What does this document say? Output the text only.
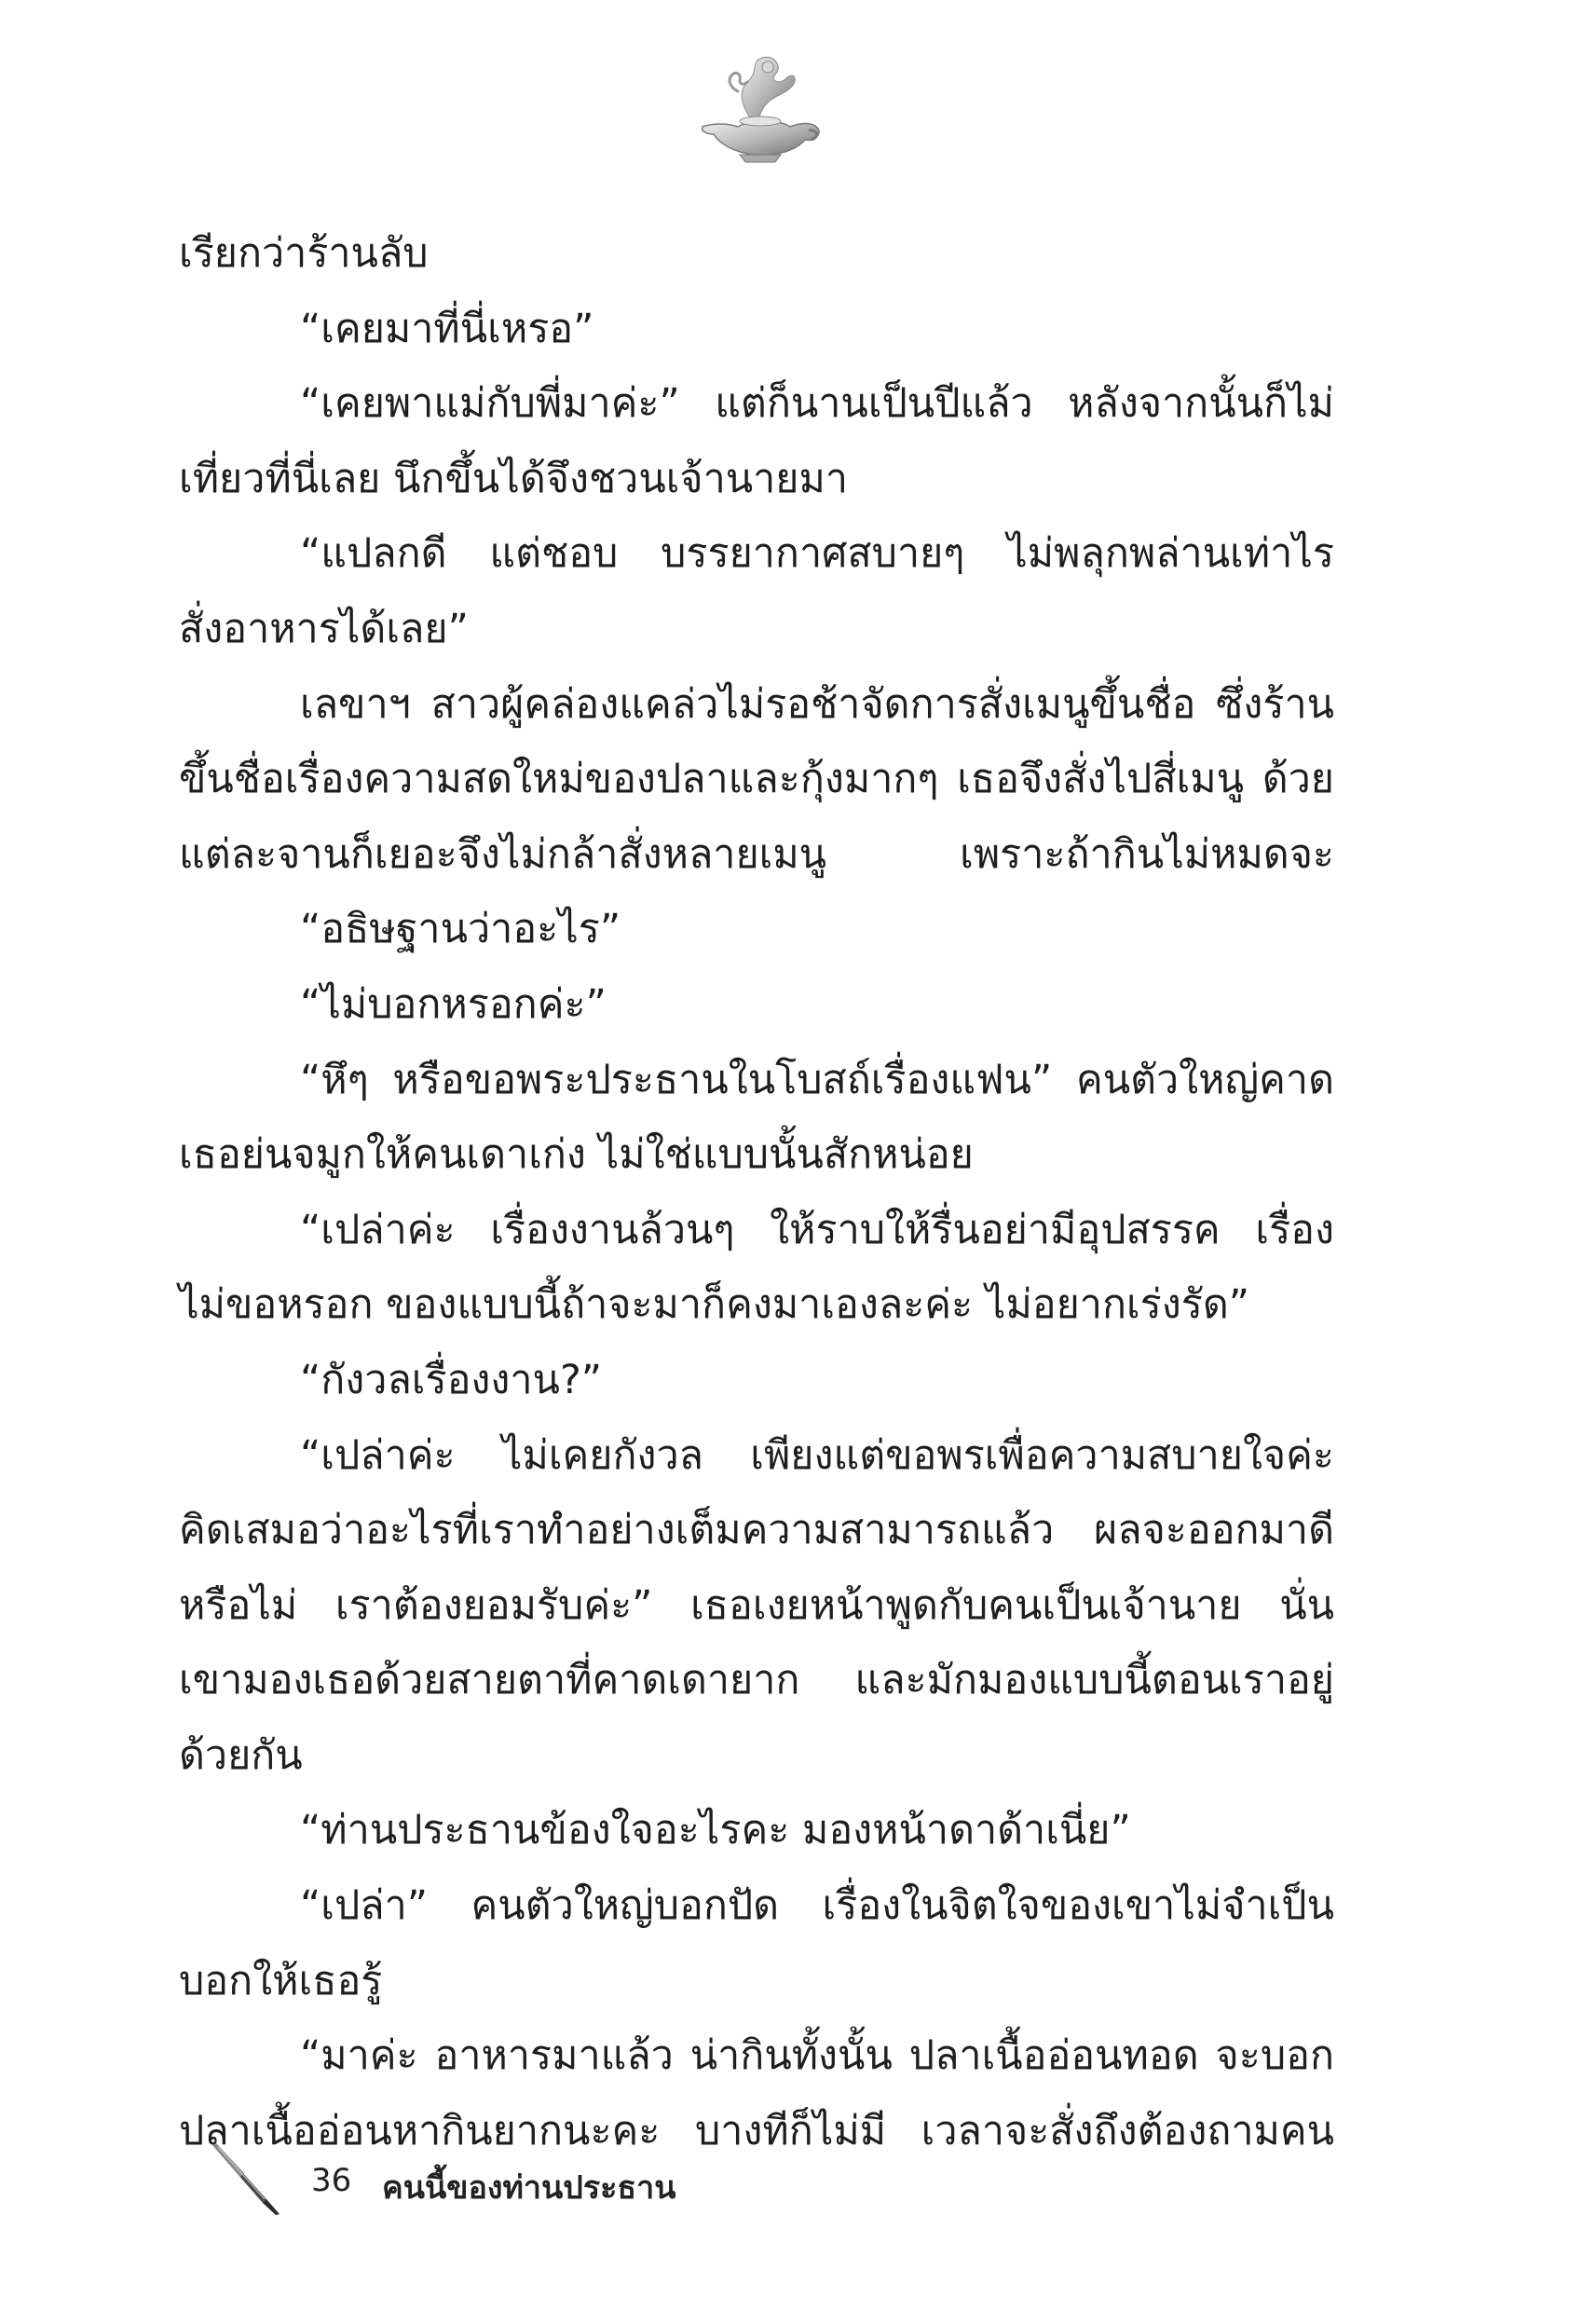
เรียกว่าร้านลับ
“เคยมาที่นี่เหรอ”
“เคยพาแม่กับพี่มาค่ะ” แต่ก็นานเป็นปีแล้ว หลังจากนั้นก็ไม่
เที่ยวที่นี่เลย นึกขึ้นได้จึงชวนเจ้านายมา
“แปลกดี แต่ชอบ บรรยากาศสบายๆ ไม่พลุกพล่านเท่าไร
สั่งอาหารได้เลย”
เลขาฯ สาวผู้คล่องแคล่วไม่รอช้าจัดการสั่งเมนูขึ้นชื่อ ซึ่งร้าน
ขึ้นชื่อเรื่องความสดใหม่ของปลาและกุ้งมากๆ เธอจึงสั่งไปสี่เมนู ด้วย
แต่ละจานก็เยอะจึงไม่กล้าสั่งหลายเมนู เพราะถ้ากินไม่หมดจะ
“อธิษฐานว่าอะไร”
“ไม่บอกหรอกค่ะ”
“หึๆ หรือขอพระประธานในโบสถ์เรื่องแฟน” คนตัวใหญ่คาด
เธอย่นจมูกให้คนเดาเก่ง ไม่ใช่แบบนั้นสักหน่อย
“เปล่าค่ะ เรื่องงานล้วนๆ ให้ราบให้รื่นอย่ามีอุปสรรค เรื่อง
ไม่ขอหรอก ของแบบนี้ถ้าจะมาก็คงมาเองละค่ะ ไม่อยากเร่งรัด”
“กังวลเรื่องงาน?”
“เปล่าค่ะ ไม่เคยกังวล เพียงแต่ขอพรเพื่อความสบายใจค่ะ
คิดเสมอว่าอะไรที่เราทำอย่างเต็มความสามารถแล้ว ผลจะออกมาดี
หรือไม่ เราต้องยอมรับค่ะ” เธอเงยหน้าพูดกับคนเป็นเจ้านาย นั่น
เขามองเธอด้วยสายตาที่คาดเดายาก และมักมองแบบนี้ตอนเราอยู่
ด้วยกัน
“ท่านประธานข้องใจอะไรคะ มองหน้าดาด้าเนี่ย”
“เปล่า” คนตัวใหญ่บอกปัด เรื่องในจิตใจของเขาไม่จำเป็น
บอกให้เธอรู้
“มาค่ะ อาหารมาแล้ว น่ากินทั้งนั้น ปลาเนื้ออ่อนทอด จะบอก
ปลาเนื้ออ่อนหากินยากนะคะ บางทีก็ไม่มี เวลาจะสั่งถึงต้องถามคน
36 คนนี้ของท่านประธาน
